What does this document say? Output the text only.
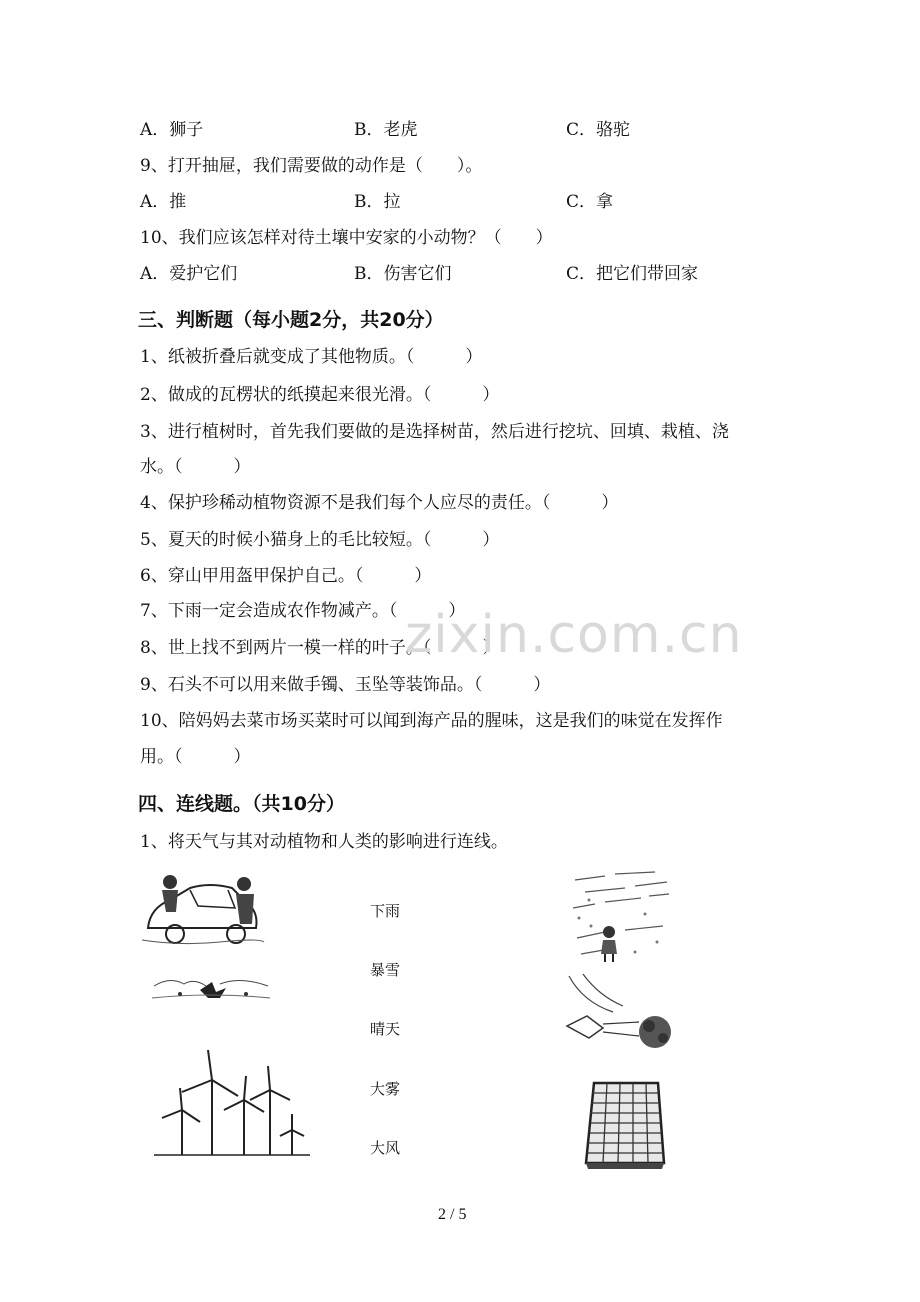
A．狮子	B．老虎	C．骆驼
9、打开抽屉，我们需要做的动作是（　　）。
A．推	B．拉	C．拿
10、我们应该怎样对待土壤中安家的小动物？（　　）
A．爱护它们	B．伤害它们	C．把它们带回家
三、判断题（每小题2分，共20分）
1、纸被折叠后就变成了其他物质。（　　　）
2、做成的瓦楞状的纸摸起来很光滑。（　　　）
3、进行植树时，首先我们要做的是选择树苗，然后进行挖坑、回填、栽植、浇
水。（　　　）
4、保护珍稀动植物资源不是我们每个人应尽的责任。（　　　）
5、夏天的时候小猫身上的毛比较短。（　　　）
6、穿山甲用盔甲保护自己。（　　　）
7、下雨一定会造成农作物减产。（　　　）
8、世上找不到两片一模一样的叶子。（　　　）
9、石头不可以用来做手镯、玉坠等装饰品。（　　　）
10、陪妈妈去菜市场买菜时可以闻到海产品的腥味，这是我们的味觉在发挥作
用。（　　　）
zixin.com.cn
四、连线题。（共10分）
1、将天气与其对动植物和人类的影响进行连线。
下雨
暴雪
晴天
大雾
大风
2 / 5
